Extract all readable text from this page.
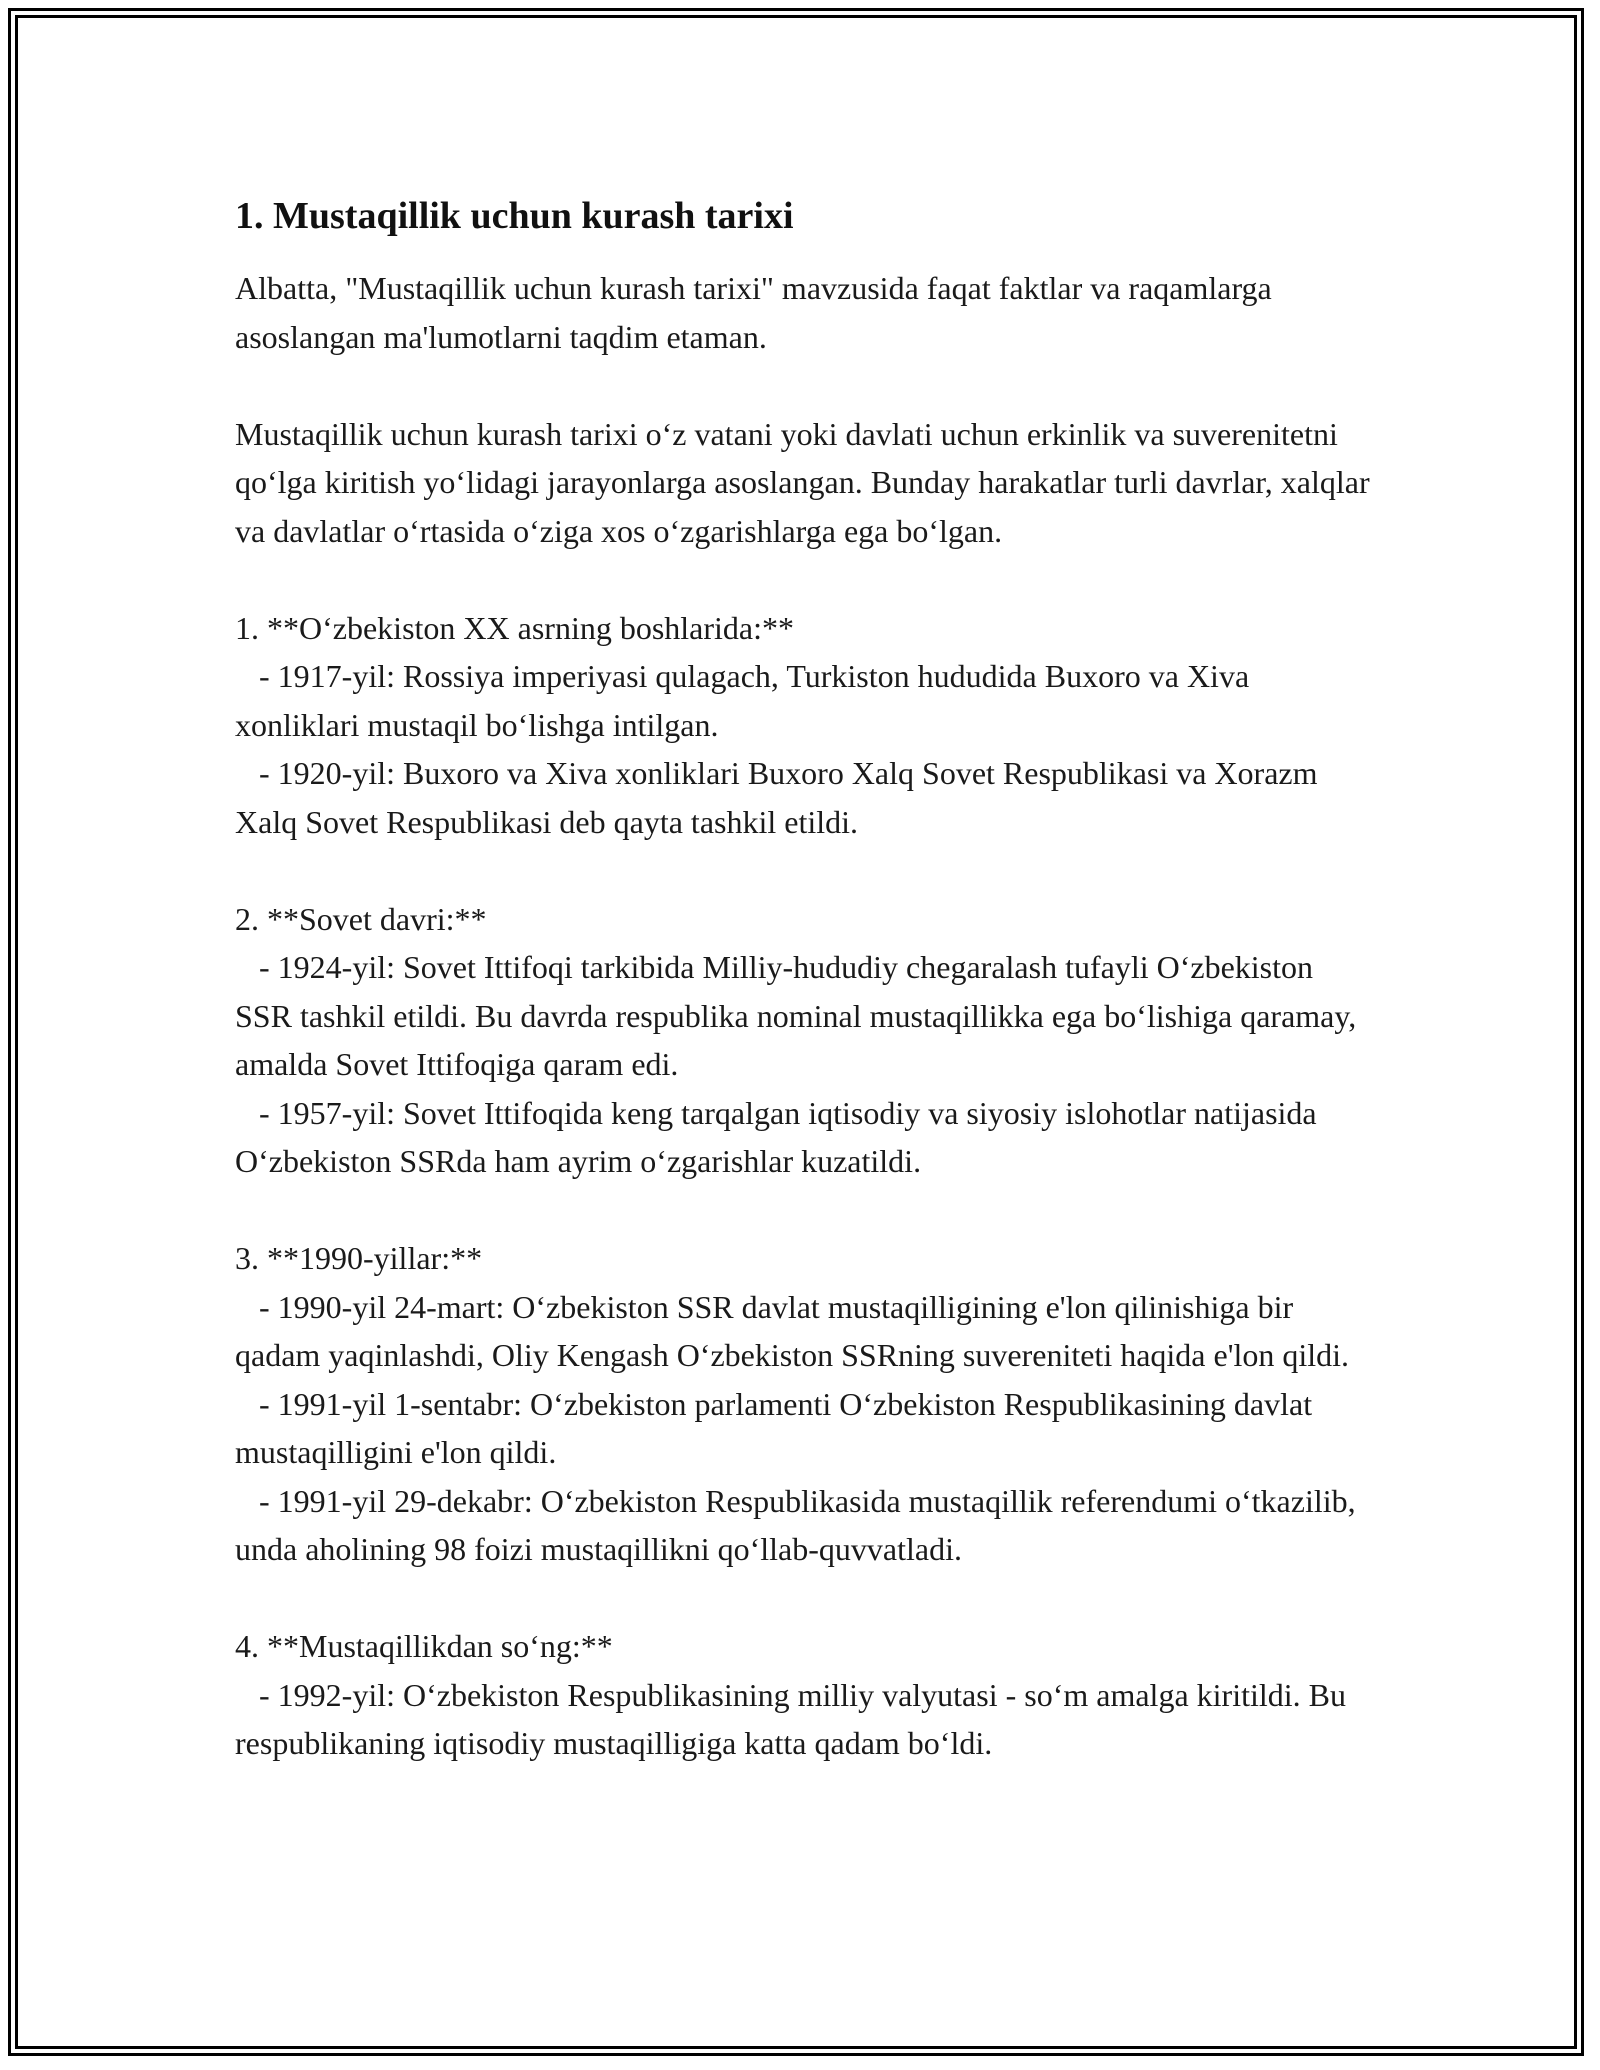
1. Mustaqillik uchun kurash tarixi

Albatta, "Mustaqillik uchun kurash tarixi" mavzusida faqat faktlar va raqamlarga asoslangan ma'lumotlarni taqdim etaman.

Mustaqillik uchun kurash tarixi o‘z vatani yoki davlati uchun erkinlik va suverenitetni qo‘lga kiritish yo‘lidagi jarayonlarga asoslangan. Bunday harakatlar turli davrlar, xalqlar va davlatlar o‘rtasida o‘ziga xos o‘zgarishlarga ega bo‘lgan.

1. **O‘zbekiston XX asrning boshlarida:**
- 1917-yil: Rossiya imperiyasi qulagach, Turkiston hududida Buxoro va Xiva xonliklari mustaqil bo‘lishga intilgan.
- 1920-yil: Buxoro va Xiva xonliklari Buxoro Xalq Sovet Respublikasi va Xorazm Xalq Sovet Respublikasi deb qayta tashkil etildi.
2. **Sovet davri:**
- 1924-yil: Sovet Ittifoqi tarkibida Milliy-hududiy chegaralash tufayli O‘zbekiston SSR tashkil etildi. Bu davrda respublika nominal mustaqillikka ega bo‘lishiga qaramay, amalda Sovet Ittifoqiga qaram edi.
- 1957-yil: Sovet Ittifoqida keng tarqalgan iqtisodiy va siyosiy islohotlar natijasida O‘zbekiston SSRda ham ayrim o‘zgarishlar kuzatildi.
3. **1990-yillar:**
- 1990-yil 24-mart: O‘zbekiston SSR davlat mustaqilligining e'lon qilinishiga bir qadam yaqinlashdi, Oliy Kengash O‘zbekiston SSRning suvereniteti haqida e'lon qildi.
- 1991-yil 1-sentabr: O‘zbekiston parlamenti O‘zbekiston Respublikasining davlat mustaqilligini e'lon qildi.
- 1991-yil 29-dekabr: O‘zbekiston Respublikasida mustaqillik referendumi o‘tkazilib, unda aholining 98 foizi mustaqillikni qo‘llab-quvvatladi.
4. **Mustaqillikdan so‘ng:**
- 1992-yil: O‘zbekiston Respublikasining milliy valyutasi - so‘m amalga kiritildi. Bu respublikaning iqtisodiy mustaqilligiga katta qadam bo‘ldi.
